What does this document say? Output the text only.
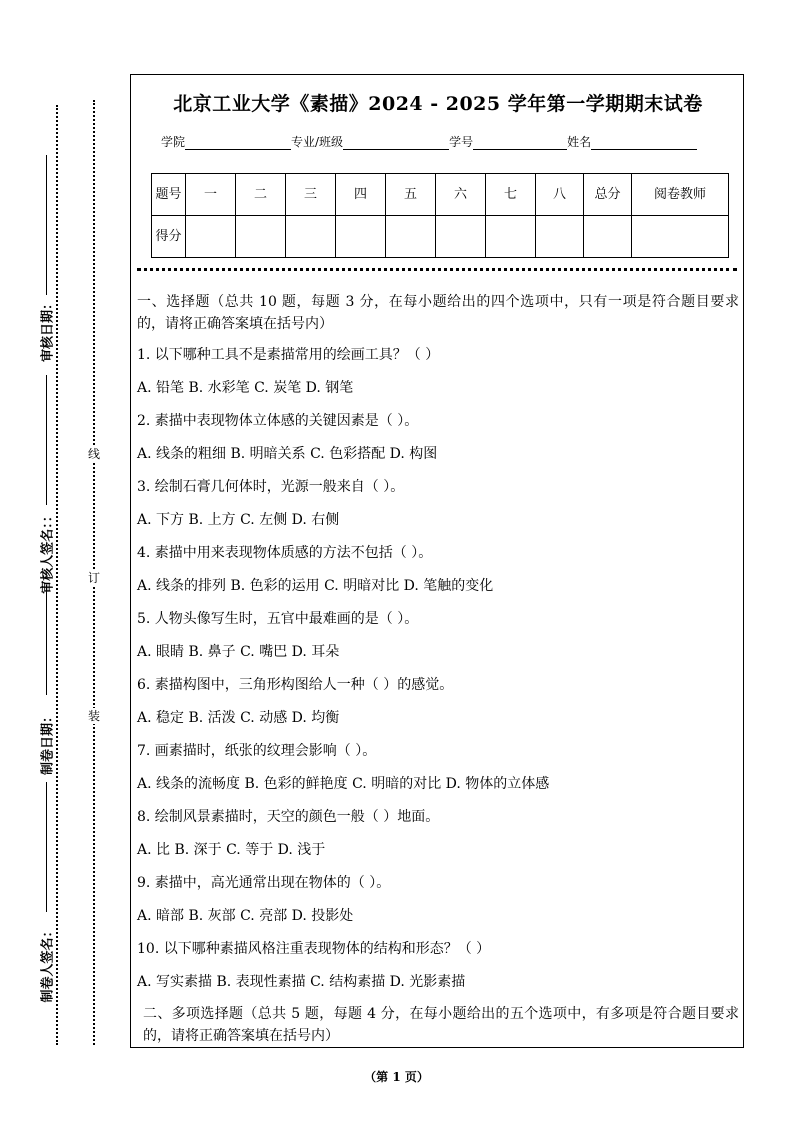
审核日期：
审核人签名：：
制卷日期：
制卷人签名：
装
订
线
北京工业大学《素描》2024 - 2025 学年第一学期期末试卷
学院	专业/班级	学号	姓名
题号	一	二	三	四	五	六	七	八	总分	阅卷教师
得分										

一、选择题（总共 10 题，每题 3 分，在每小题给出的四个选项中，只有一项是符合题目要求的，请将正确答案填在括号内）

1. 以下哪种工具不是素描常用的绘画工具？（ ）

A. 铅笔 B. 水彩笔 C. 炭笔 D. 钢笔

2. 素描中表现物体立体感的关键因素是（ ）。

A. 线条的粗细 B. 明暗关系 C. 色彩搭配 D. 构图

3. 绘制石膏几何体时，光源一般来自（ ）。

A. 下方 B. 上方 C. 左侧 D. 右侧

4. 素描中用来表现物体质感的方法不包括（ ）。

A. 线条的排列 B. 色彩的运用 C. 明暗对比 D. 笔触的变化

5. 人物头像写生时，五官中最难画的是（ ）。

A. 眼睛 B. 鼻子 C. 嘴巴 D. 耳朵

6. 素描构图中，三角形构图给人一种（ ）的感觉。

A. 稳定 B. 活泼 C. 动感 D. 均衡

7. 画素描时，纸张的纹理会影响（ ）。

A. 线条的流畅度 B. 色彩的鲜艳度 C. 明暗的对比 D. 物体的立体感

8. 绘制风景素描时，天空的颜色一般（ ）地面。

A. 比 B. 深于 C. 等于 D. 浅于

9. 素描中，高光通常出现在物体的（ ）。

A. 暗部 B. 灰部 C. 亮部 D. 投影处

10. 以下哪种素描风格注重表现物体的结构和形态？（ ）

A. 写实素描 B. 表现性素描 C. 结构素描 D. 光影素描

二、多项选择题（总共 5 题，每题 4 分，在每小题给出的五个选项中，有多项是符合题目要求的，请将正确答案填在括号内）

（第 1 页）
